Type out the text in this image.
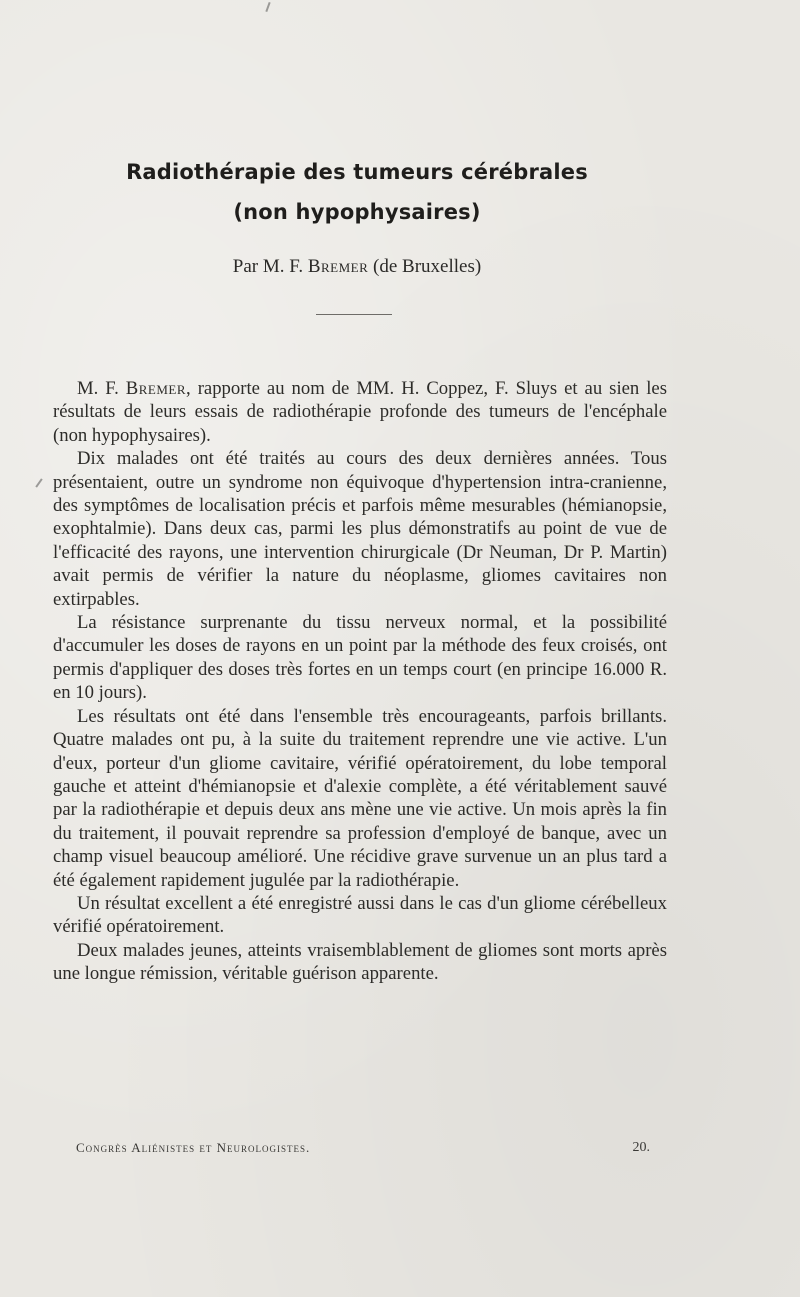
Radiothérapie des tumeurs cérébrales
(non hypophysaires)
Par M. F. Bremer (de Bruxelles)

M. F. Bremer, rapporte au nom de MM. H. Coppez, F. Sluys et au sien les résultats de leurs essais de radiothérapie profonde des tumeurs de l'encéphale (non hypophysaires).

Dix malades ont été traités au cours des deux dernières années. Tous présentaient, outre un syndrome non équivoque d'hypertension intra-cranienne, des symptômes de localisation précis et parfois même mesurables (hémianopsie, exophtalmie). Dans deux cas, parmi les plus démonstratifs au point de vue de l'efficacité des rayons, une intervention chirurgicale (Dr Neuman, Dr P. Martin) avait permis de vérifier la nature du néoplasme, gliomes cavitaires non extirpables.

La résistance surprenante du tissu nerveux normal, et la possibilité d'accumuler les doses de rayons en un point par la méthode des feux croisés, ont permis d'appliquer des doses très fortes en un temps court (en principe 16.000 R. en 10 jours).

Les résultats ont été dans l'ensemble très encourageants, parfois brillants. Quatre malades ont pu, à la suite du traitement reprendre une vie active. L'un d'eux, porteur d'un gliome cavitaire, vérifié opératoirement, du lobe temporal gauche et atteint d'hémianopsie et d'alexie complète, a été véritablement sauvé par la radiothérapie et depuis deux ans mène une vie active. Un mois après la fin du traitement, il pouvait reprendre sa profession d'employé de banque, avec un champ visuel beaucoup amélioré. Une récidive grave survenue un an plus tard a été également rapidement jugulée par la radiothérapie.

Un résultat excellent a été enregistré aussi dans le cas d'un gliome cérébelleux vérifié opératoirement.

Deux malades jeunes, atteints vraisemblablement de gliomes sont morts après une longue rémission, véritable guérison apparente.

Congrès Aliénistes et Neurologistes.	20.
